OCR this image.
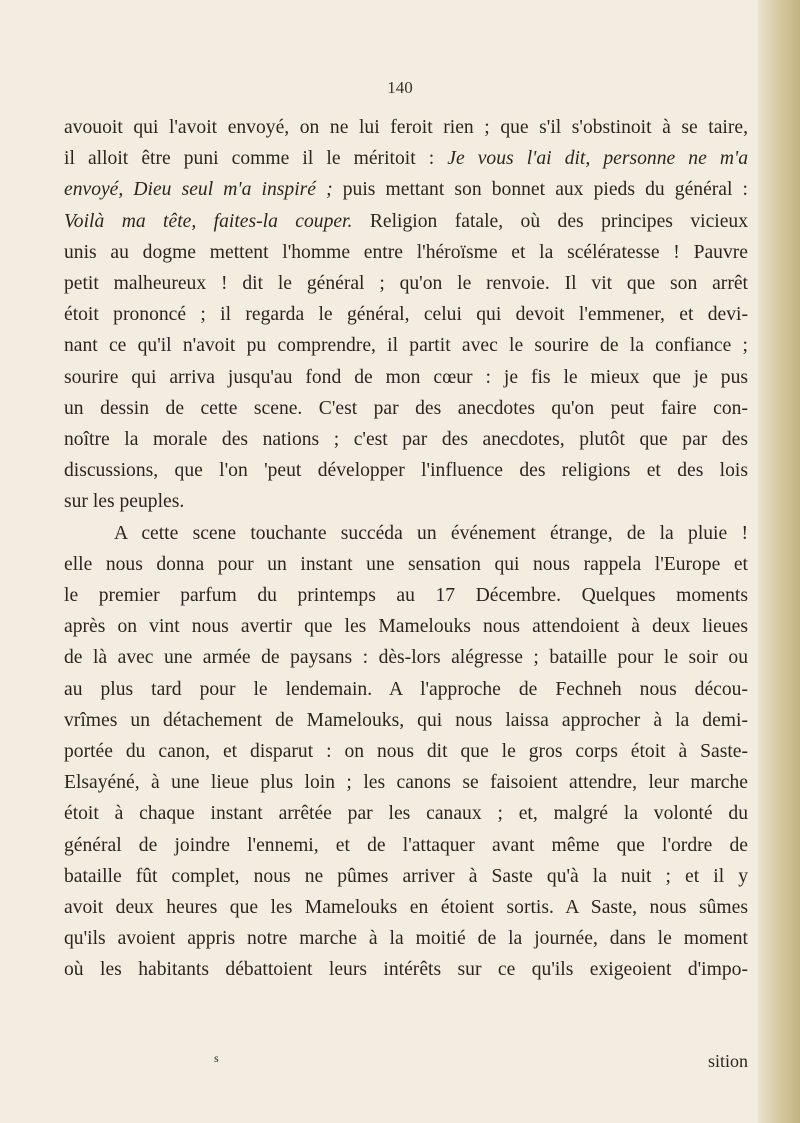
140
avouoit qui l'avoit envoyé, on ne lui feroit rien ; que s'il s'obstinoit à se taire,
il alloit être puni comme il le méritoit : Je vous l'ai dit, personne ne m'a
envoyé, Dieu seul m'a inspiré ; puis mettant son bonnet aux pieds du général :
Voilà ma tête, faites-la couper. Religion fatale, où des principes vicieux
unis au dogme mettent l'homme entre l'héroïsme et la scélératesse ! Pauvre
petit malheureux ! dit le général ; qu'on le renvoie. Il vit que son arrêt
étoit prononcé ; il regarda le général, celui qui devoit l'emmener, et devi-
nant ce qu'il n'avoit pu comprendre, il partit avec le sourire de la confiance ;
sourire qui arriva jusqu'au fond de mon cœur : je fis le mieux que je pus
un dessin de cette scene. C'est par des anecdotes qu'on peut faire con-
noître la morale des nations ; c'est par des anecdotes, plutôt que par des
discussions, que l'on 'peut développer l'influence des religions et des lois
sur les peuples.
A cette scene touchante succéda un événement étrange, de la pluie !
elle nous donna pour un instant une sensation qui nous rappela l'Europe et
le premier parfum du printemps au 17 Décembre. Quelques moments
après on vint nous avertir que les Mamelouks nous attendoient à deux lieues
de là avec une armée de paysans : dès-lors alégresse ; bataille pour le soir ou
au plus tard pour le lendemain. A l'approche de Fechneh nous décou-
vrîmes un détachement de Mamelouks, qui nous laissa approcher à la demi-
portée du canon, et disparut : on nous dit que le gros corps étoit à Saste-
Elsayéné, à une lieue plus loin ; les canons se faisoient attendre, leur marche
étoit à chaque instant arrêtée par les canaux ; et, malgré la volonté du
général de joindre l'ennemi, et de l'attaquer avant même que l'ordre de
bataille fût complet, nous ne pûmes arriver à Saste qu'à la nuit ; et il y
avoit deux heures que les Mamelouks en étoient sortis. A Saste, nous sûmes
qu'ils avoient appris notre marche à la moitié de la journée, dans le moment
où les habitants débattoient leurs intérêts sur ce qu'ils exigeoient d'impo-
s	sition
